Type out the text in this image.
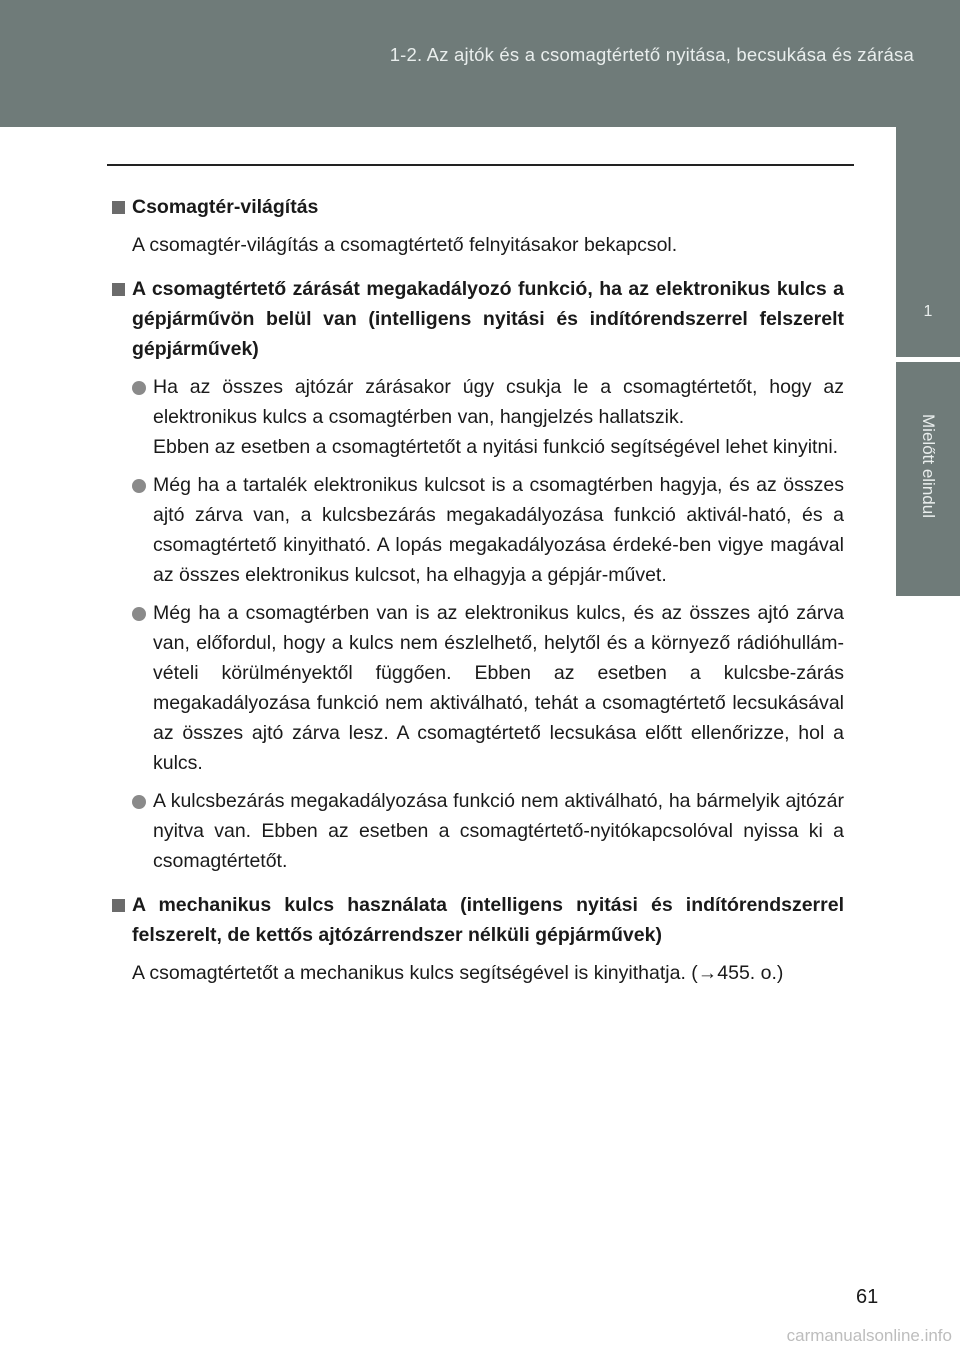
1-2. Az ajtók és a csomagtértető nyitása, becsukása és zárása
1
Mielőtt elindul

Csomagtér-világítás

A csomagtér-világítás a csomagtértető felnyitásakor bekapcsol.

A csomagtértető zárását megakadályozó funkció, ha az elektronikus kulcs a gépjárművön belül van (intelligens nyitási és indítórendszerrel felszerelt gépjárművek)

Ha az összes ajtózár zárásakor úgy csukja le a csomagtértetőt, hogy az elektronikus kulcs a csomagtérben van, hangjelzés hallatszik.
Ebben az esetben a csomagtértetőt a nyitási funkció segítségével lehet kinyitni.
Még ha a tartalék elektronikus kulcsot is a csomagtérben hagyja, és az összes ajtó zárva van, a kulcsbezárás megakadályozása funkció aktivál-ható, és a csomagtértető kinyitható. A lopás megakadályozása érdeké-ben vigye magával az összes elektronikus kulcsot, ha elhagyja a gépjár-művet.
Még ha a csomagtérben van is az elektronikus kulcs, és az összes ajtó zárva van, előfordul, hogy a kulcs nem észlelhető, helytől és a környező rádióhullám-vételi körülményektől függően. Ebben az esetben a kulcsbe-zárás megakadályozása funkció nem aktiválható, tehát a csomagtértető lecsukásával az összes ajtó zárva lesz. A csomagtértető lecsukása előtt ellenőrizze, hol a kulcs.
A kulcsbezárás megakadályozása funkció nem aktiválható, ha bármelyik ajtózár nyitva van. Ebben az esetben a csomagtértető-nyitókapcsolóval nyissa ki a csomagtértetőt.

A mechanikus kulcs használata (intelligens nyitási és indítórendszerrel felszerelt, de kettős ajtózárrendszer nélküli gépjárművek)

A csomagtértetőt a mechanikus kulcs segítségével is kinyithatja. (→455. o.)

61
carmanualsonline.info
